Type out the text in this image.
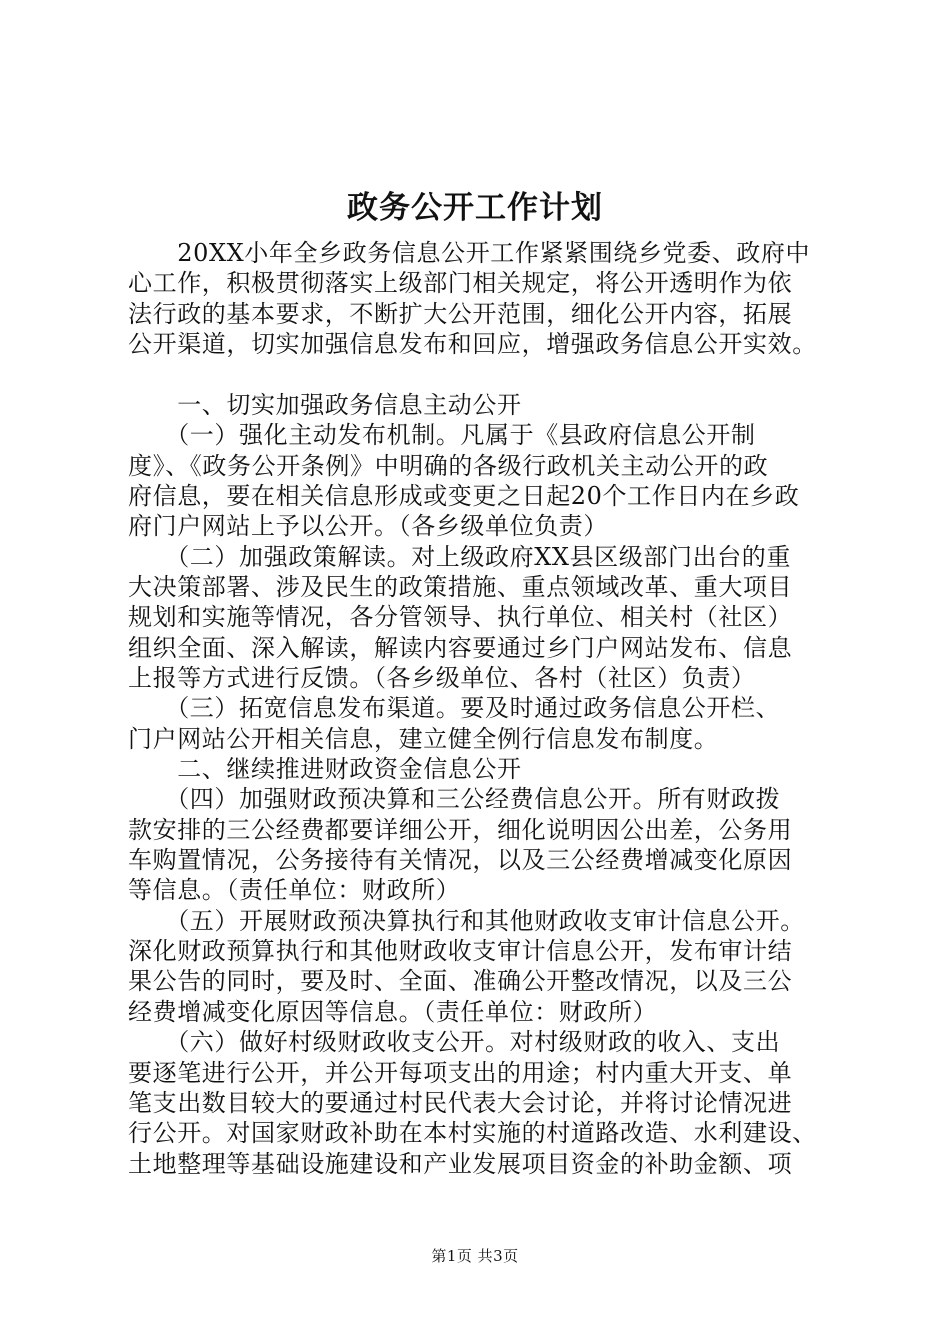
政务公开工作计划
　　20XX小年全乡政务信息公开工作紧紧围绕乡党委、政府中
心工作，积极贯彻落实上级部门相关规定，将公开透明作为依
法行政的基本要求，不断扩大公开范围，细化公开内容，拓展
公开渠道，切实加强信息发布和回应，增强政务信息公开实效。
　　一、切实加强政务信息主动公开
　　（一）强化主动发布机制。凡属于《县政府信息公开制
度》、《政务公开条例》中明确的各级行政机关主动公开的政
府信息，要在相关信息形成或变更之日起20个工作日内在乡政
府门户网站上予以公开。（各乡级单位负责）
　　（二）加强政策解读。对上级政府XX县区级部门出台的重
大决策部署、涉及民生的政策措施、重点领域改革、重大项目
规划和实施等情况，各分管领导、执行单位、相关村（社区）
组织全面、深入解读，解读内容要通过乡门户网站发布、信息
上报等方式进行反馈。（各乡级单位、各村（社区）负责）
　　（三）拓宽信息发布渠道。要及时通过政务信息公开栏、
门户网站公开相关信息，建立健全例行信息发布制度。
　　二、继续推进财政资金信息公开
　　（四）加强财政预决算和三公经费信息公开。所有财政拨
款安排的三公经费都要详细公开，细化说明因公出差，公务用
车购置情况，公务接待有关情况，以及三公经费增减变化原因
等信息。（责任单位：财政所）
　　（五）开展财政预决算执行和其他财政收支审计信息公开。
深化财政预算执行和其他财政收支审计信息公开，发布审计结
果公告的同时，要及时、全面、准确公开整改情况，以及三公
经费增减变化原因等信息。（责任单位：财政所）
　　（六）做好村级财政收支公开。对村级财政的收入、支出
要逐笔进行公开，并公开每项支出的用途；村内重大开支、单
笔支出数目较大的要通过村民代表大会讨论，并将讨论情况进
行公开。对国家财政补助在本村实施的村道路改造、水利建设、
土地整理等基础设施建设和产业发展项目资金的补助金额、项
第1页 共3页
